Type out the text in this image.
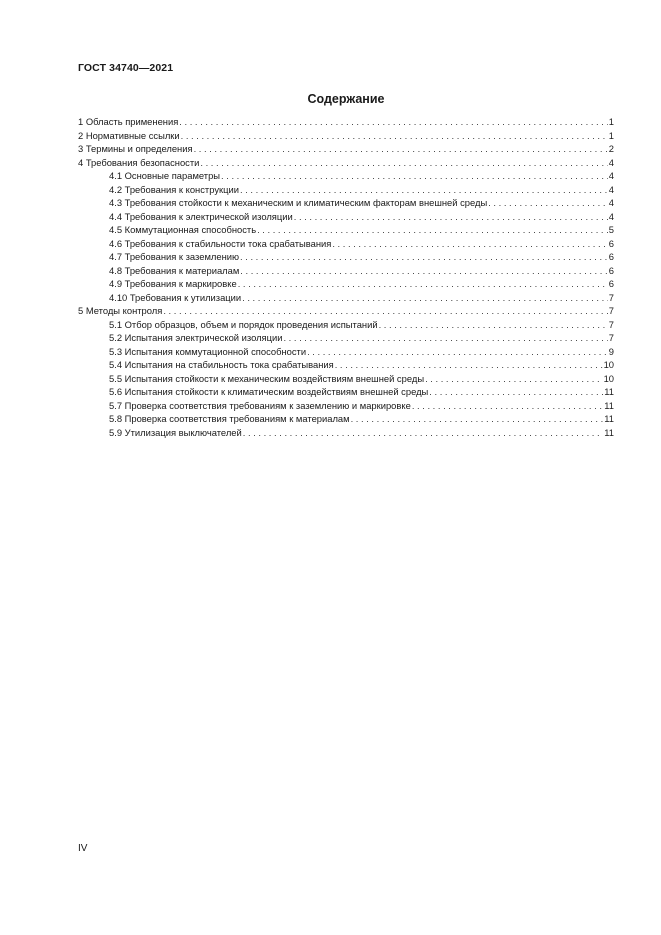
ГОСТ 34740—2021
Содержание
1 Область применения . . .	1
2 Нормативные ссылки . . .	1
3 Термины и определения . . .	2
4 Требования безопасности . . .	4
4.1 Основные параметры . . .	4
4.2 Требования к конструкции . . .	4
4.3 Требования стойкости к механическим и климатическим факторам внешней среды . . .	4
4.4 Требования к электрической изоляции . . .	4
4.5 Коммутационная способность . . .	5
4.6 Требования к стабильности тока срабатывания . . .	6
4.7 Требования к заземлению . . .	6
4.8 Требования к материалам . . .	6
4.9 Требования к маркировке . . .	6
4.10 Требования к утилизации . . .	7
5 Методы контроля . . .	7
5.1 Отбор образцов, объем и порядок проведения испытаний . . .	7
5.2 Испытания электрической изоляции . . .	7
5.3 Испытания коммутационной способности . . .	9
5.4 Испытания на стабильность тока срабатывания . . .	10
5.5 Испытания стойкости к механическим воздействиям внешней среды . . .	10
5.6 Испытания стойкости к климатическим воздействиям внешней среды . . .	11
5.7 Проверка соответствия требованиям к заземлению и маркировке . . .	11
5.8 Проверка соответствия требованиям к материалам . . .	11
5.9 Утилизация выключателей . . .	11
IV
